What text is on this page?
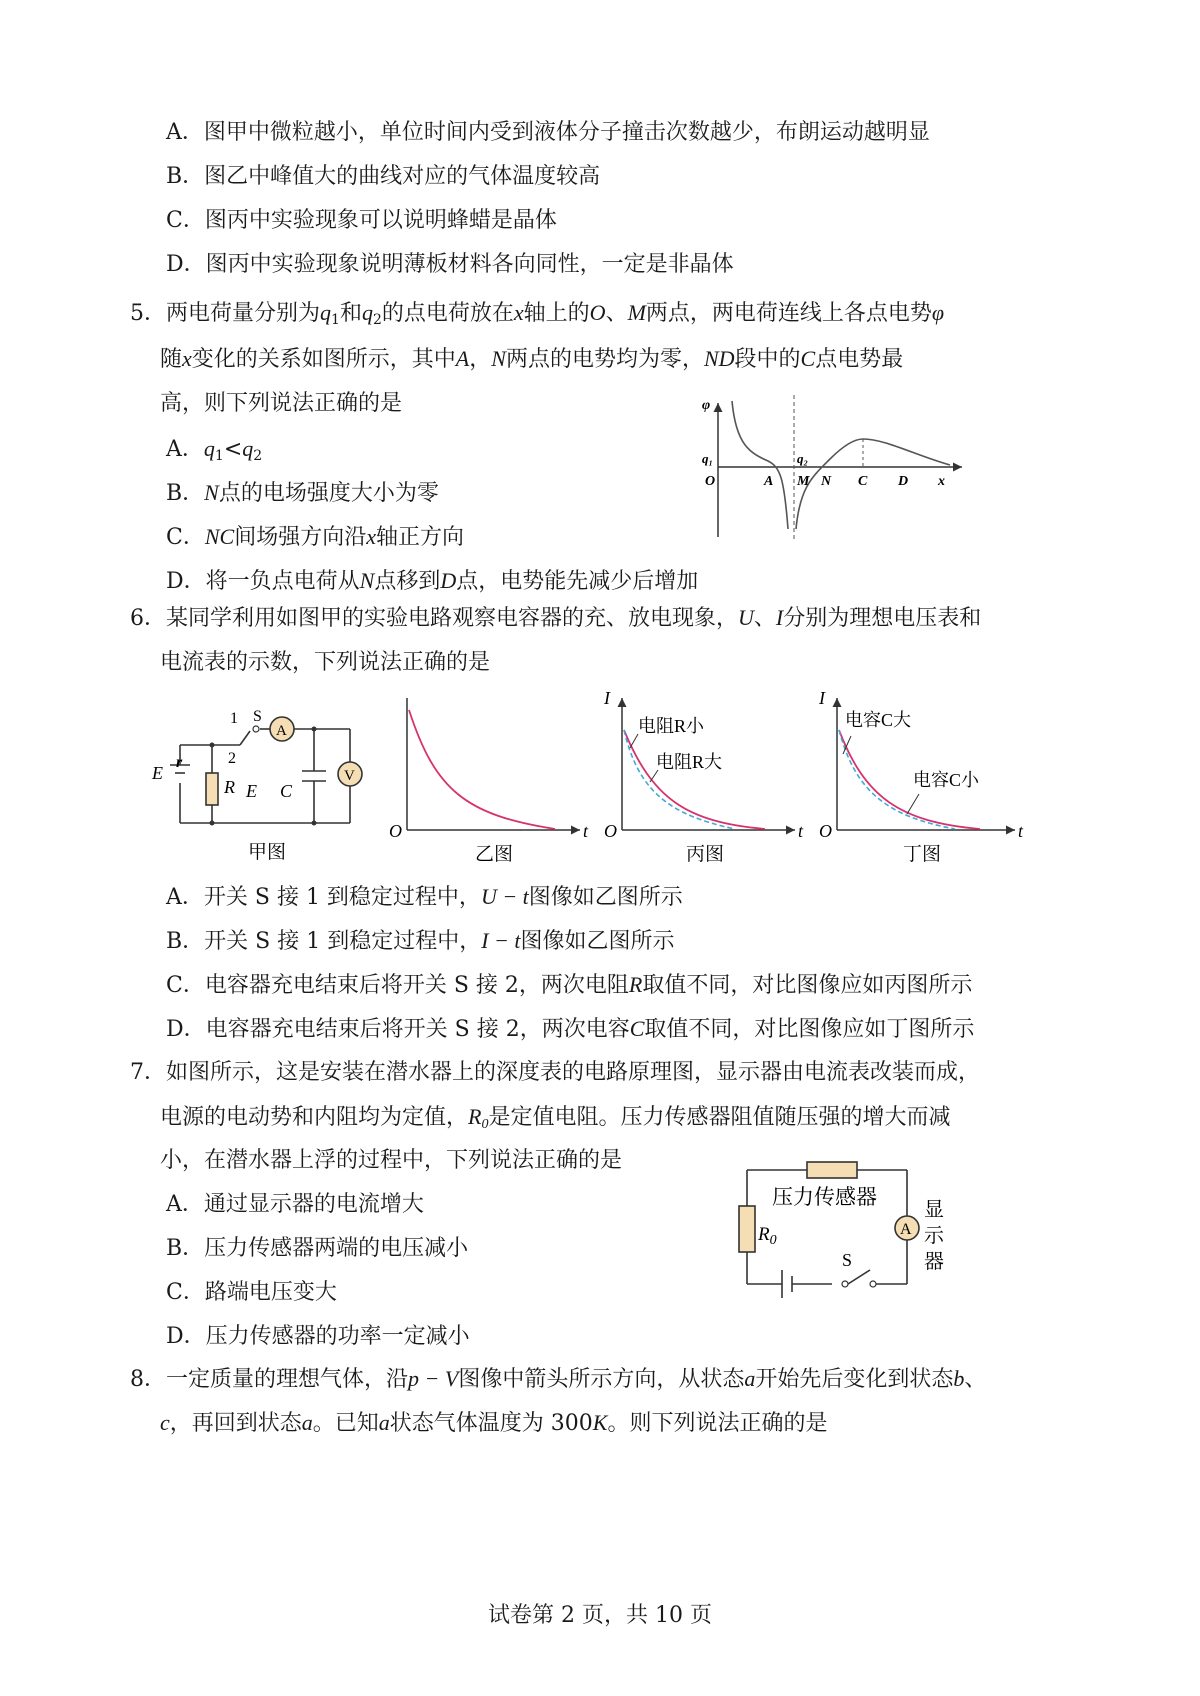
A．图甲中微粒越小，单位时间内受到液体分子撞击次数越少，布朗运动越明显
B．图乙中峰值大的曲线对应的气体温度较高
C．图丙中实验现象可以说明蜂蜡是晶体
D．图丙中实验现象说明薄板材料各向同性，一定是非晶体
5．两电荷量分别为$q_1$和$q_2$的点电荷放在x轴上的O、M两点，两电荷连线上各点电势φ
随x变化的关系如图所示，其中A，N两点的电势均为零，ND段中的C点电势最
高，则下列说法正确的是
A．$q_1<q_2$
B．N点的电场强度大小为零
C．NC间场强方向沿x轴正方向
D．将一负点电荷从N点移到D点，电势能先减少后增加
φ
q₁	q₂
O	A M N C D x
6．某同学利用如图甲的实验电路观察电容器的充、放电现象，U、I分别为理想电压表和
电流表的示数，下列说法正确的是
1
2
S
A
V
E
r
R E C
甲图
O	t
乙图
I
O	t
电阻R小
电阻R大
丙图
I
O	t
电容C大
电容C小
丁图
A．开关 S 接 1 到稳定过程中，U − t图像如乙图所示
B．开关 S 接 1 到稳定过程中，I − t图像如乙图所示
C．电容器充电结束后将开关 S 接 2，两次电阻R取值不同，对比图像应如丙图所示
D．电容器充电结束后将开关 S 接 2，两次电容C取值不同，对比图像应如丁图所示
7．如图所示，这是安装在潜水器上的深度表的电路原理图，显示器由电流表改装而成，
电源的电动势和内阻均为定值，$R_0$是定值电阻。压力传感器阻值随压强的增大而减
小，在潜水器上浮的过程中，下列说法正确的是
A．通过显示器的电流增大
B．压力传感器两端的电压减小
C．路端电压变大
D．压力传感器的功率一定减小
压力传感器
$R_0$
A
显
示
器
S
8．一定质量的理想气体，沿p − V图像中箭头所示方向，从状态a开始先后变化到状态b、
c，再回到状态a。已知a状态气体温度为 300K。则下列说法正确的是
试卷第 2 页，共 10 页
